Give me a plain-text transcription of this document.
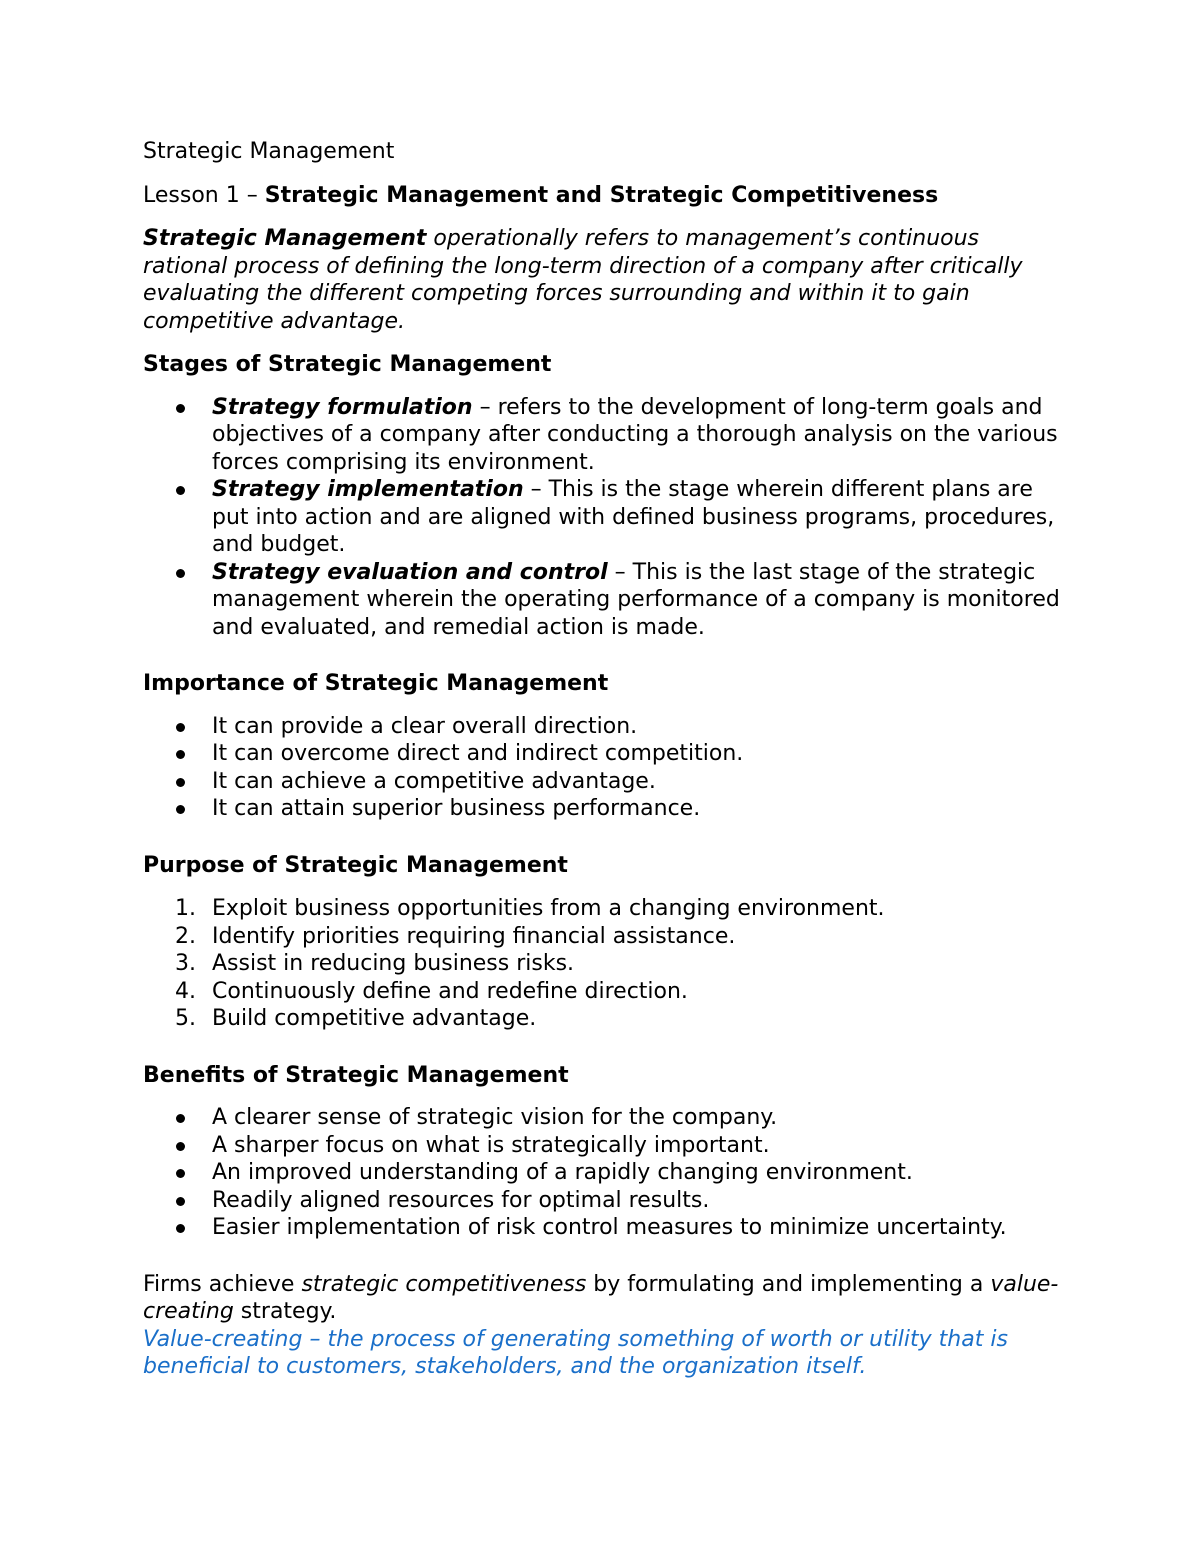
Strategic Management

Lesson 1 – Strategic Management and Strategic Competitiveness

Strategic Management operationally refers to management’s continuous rational process of defining the long-term direction of a company after critically evaluating the different competing forces surrounding and within it to gain competitive advantage.

Stages of Strategic Management
Strategy formulation – refers to the development of long-term goals and objectives of a company after conducting a thorough analysis on the various forces comprising its environment.
Strategy implementation – This is the stage wherein different plans are put into action and are aligned with defined business programs, procedures, and budget.
Strategy evaluation and control – This is the last stage of the strategic management wherein the operating performance of a company is monitored and evaluated, and remedial action is made.
Importance of Strategic Management
It can provide a clear overall direction.
It can overcome direct and indirect competition.
It can achieve a competitive advantage.
It can attain superior business performance.
Purpose of Strategic Management
1. Exploit business opportunities from a changing environment.
2. Identify priorities requiring financial assistance.
3. Assist in reducing business risks.
4. Continuously define and redefine direction.
5. Build competitive advantage.
Benefits of Strategic Management
A clearer sense of strategic vision for the company.
A sharper focus on what is strategically important.
An improved understanding of a rapidly changing environment.
Readily aligned resources for optimal results.
Easier implementation of risk control measures to minimize uncertainty.

Firms achieve strategic competitiveness by formulating and implementing a value-creating strategy.

Value-creating – the process of generating something of worth or utility that is beneficial to customers, stakeholders, and the organization itself.
